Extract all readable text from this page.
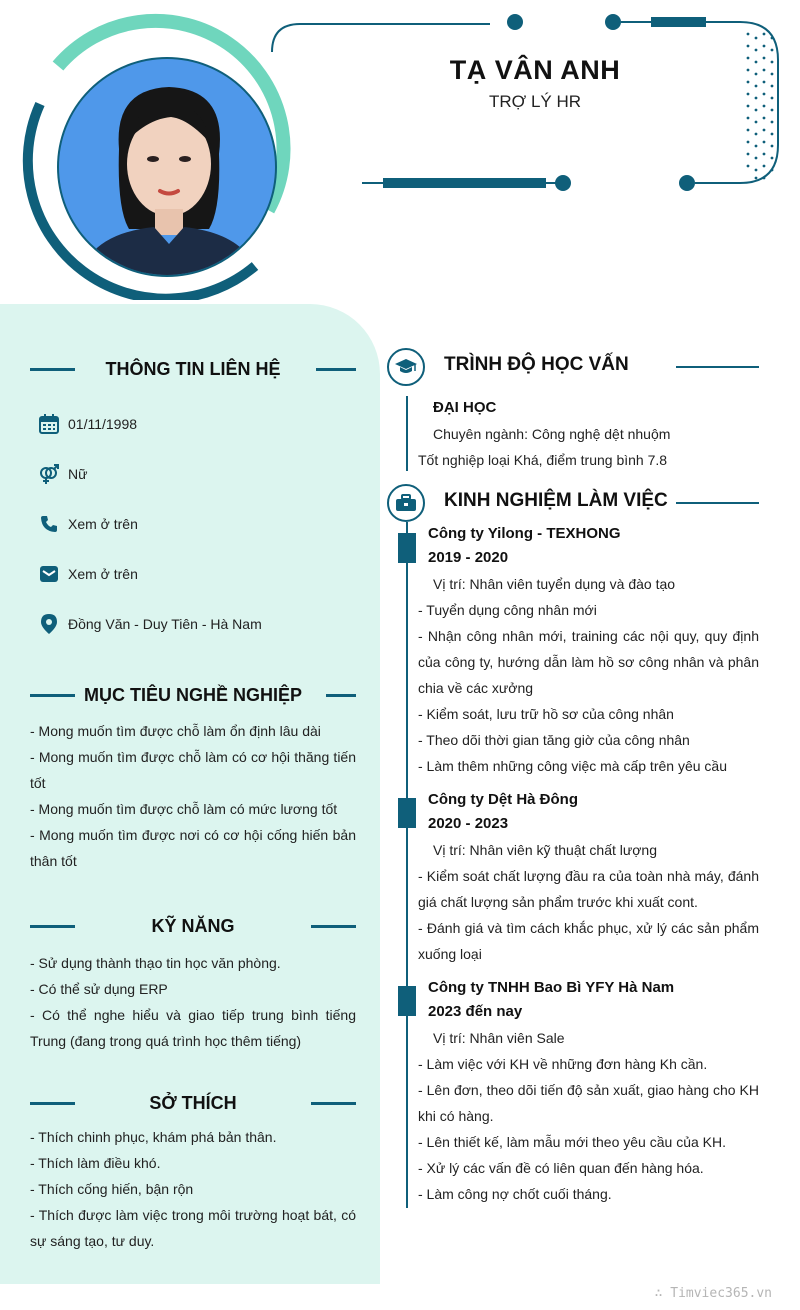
TẠ VÂN ANH
TRỢ LÝ HR
THÔNG TIN LIÊN HỆ
01/11/1998
Nữ
Xem ở trên
Xem ở trên
Đồng Văn - Duy Tiên - Hà Nam
MỤC TIÊU NGHỀ NGHIỆP
- Mong muốn tìm được chỗ làm ổn định lâu dài
- Mong muốn tìm được chỗ làm có cơ hội thăng tiến tốt
- Mong muốn tìm được chỗ làm có mức lương tốt
- Mong muốn tìm được nơi có cơ hội cống hiến bản thân tốt
KỸ NĂNG
- Sử dụng thành thạo tin học văn phòng.
- Có thể sử dụng ERP
- Có thể nghe hiểu và giao tiếp trung bình tiếng Trung (đang trong quá trình học thêm tiếng)
SỞ THÍCH
- Thích chinh phục, khám phá bản thân.
- Thích làm điều khó.
- Thích cống hiến, bận rộn
- Thích được làm việc trong môi trường hoạt bát, có sự sáng tạo, tư duy.
TRÌNH ĐỘ HỌC VẤN
ĐẠI HỌC
Chuyên ngành: Công nghệ dệt nhuộm
Tốt nghiệp loại Khá, điểm trung bình 7.8
KINH NGHIỆM LÀM VIỆC
Công ty Yilong - TEXHONG
2019 - 2020
Vị trí: Nhân viên tuyển dụng và đào tạo
- Tuyển dụng công nhân mới
- Nhận công nhân mới, training các nội quy, quy định của công ty, hướng dẫn làm hồ sơ công nhân và phân chia về các xưởng
- Kiểm soát, lưu trữ hồ sơ của công nhân
- Theo dõi thời gian tăng giờ của công nhân
- Làm thêm những công việc mà cấp trên yêu cầu
Công ty Dệt Hà Đông
2020 - 2023
Vị trí: Nhân viên kỹ thuật chất lượng
- Kiểm soát chất lượng đầu ra của toàn nhà máy, đánh giá chất lượng sản phẩm trước khi xuất cont.
- Đánh giá và tìm cách khắc phục, xử lý các sản phẩm xuống loại
Công ty TNHH Bao Bì YFY Hà Nam
2023 đến nay
Vị trí: Nhân viên Sale
- Làm việc với KH về những đơn hàng Kh cần.
- Lên đơn, theo dõi tiến độ sản xuất, giao hàng cho KH khi có hàng.
- Lên thiết kế, làm mẫu mới theo yêu cầu của KH.
- Xử lý các vấn đề có liên quan đến hàng hóa.
- Làm công nợ chốt cuối tháng.
∴ Timviec365.vn
